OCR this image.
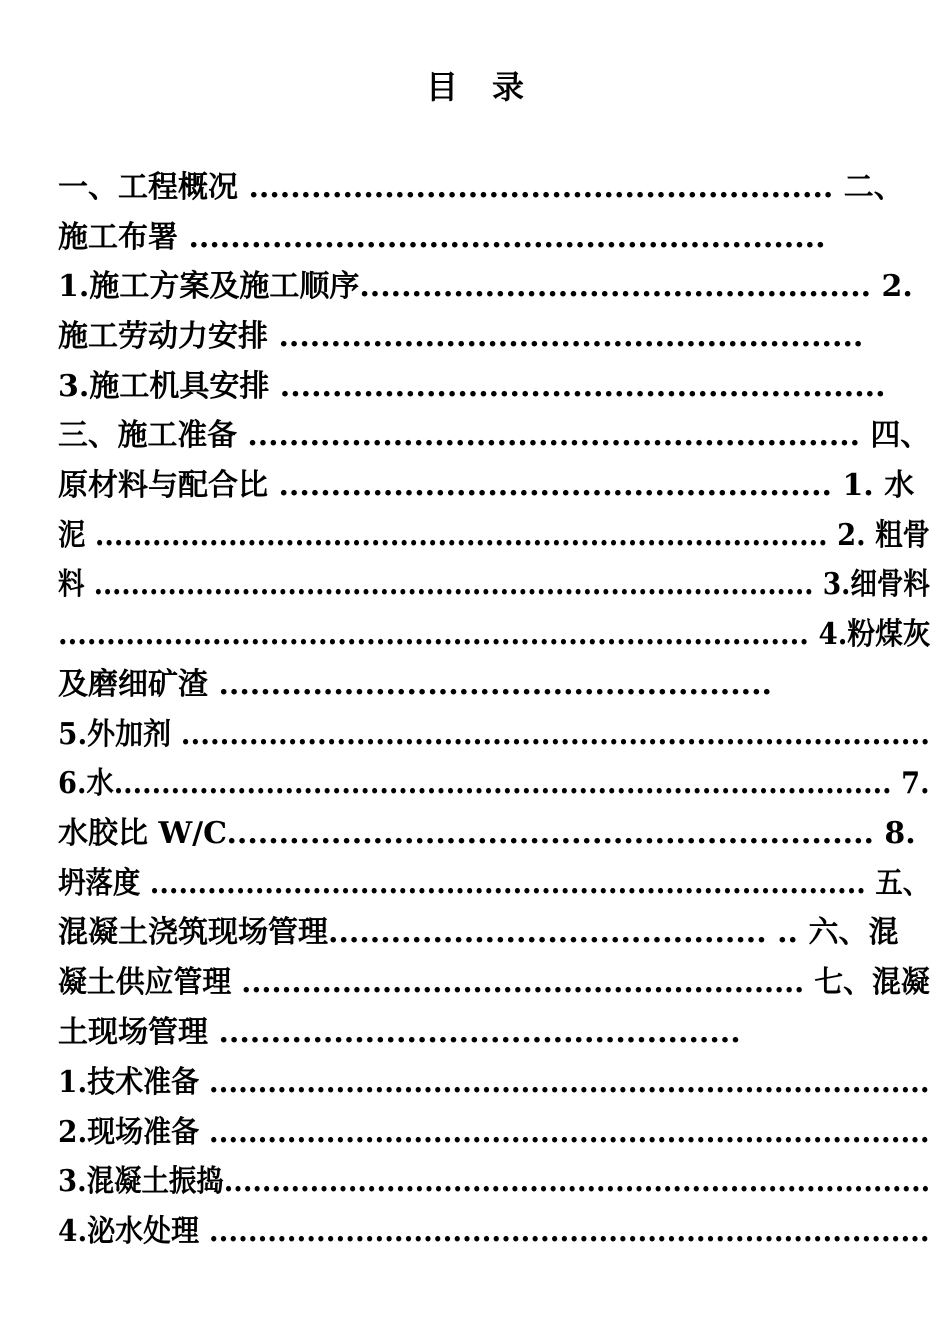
目 录
一、工程概况 ........................................................ 二、
施工布署 .............................................................
1.施工方案及施工顺序................................................. 2.
施工劳动力安排 ........................................................
3.施工机具安排 ..........................................................
三、施工准备 ........................................................... 四、
原材料与配合比 ..................................................... 1. 水
泥 ............................................................................. 2. 粗骨
料 .............................................................................. 3.细骨料
.............................................................................. 4.粉煤灰
及磨细矿渣 .....................................................
5.外加剂 .............................................................................
6.水.................................................................................. 7.
水胶比 W/C.............................................................. 8.
坍落度 ........................................................................... 五、
混凝土浇筑现场管理.......................................... .. 六、混
凝土供应管理 ........................................................ 七、混凝
土现场管理 ..................................................
1.技术准备 ..........................................................................
2.现场准备 ..........................................................................
3.混凝土振捣..........................................................................
4.泌水处理 ..........................................................................
